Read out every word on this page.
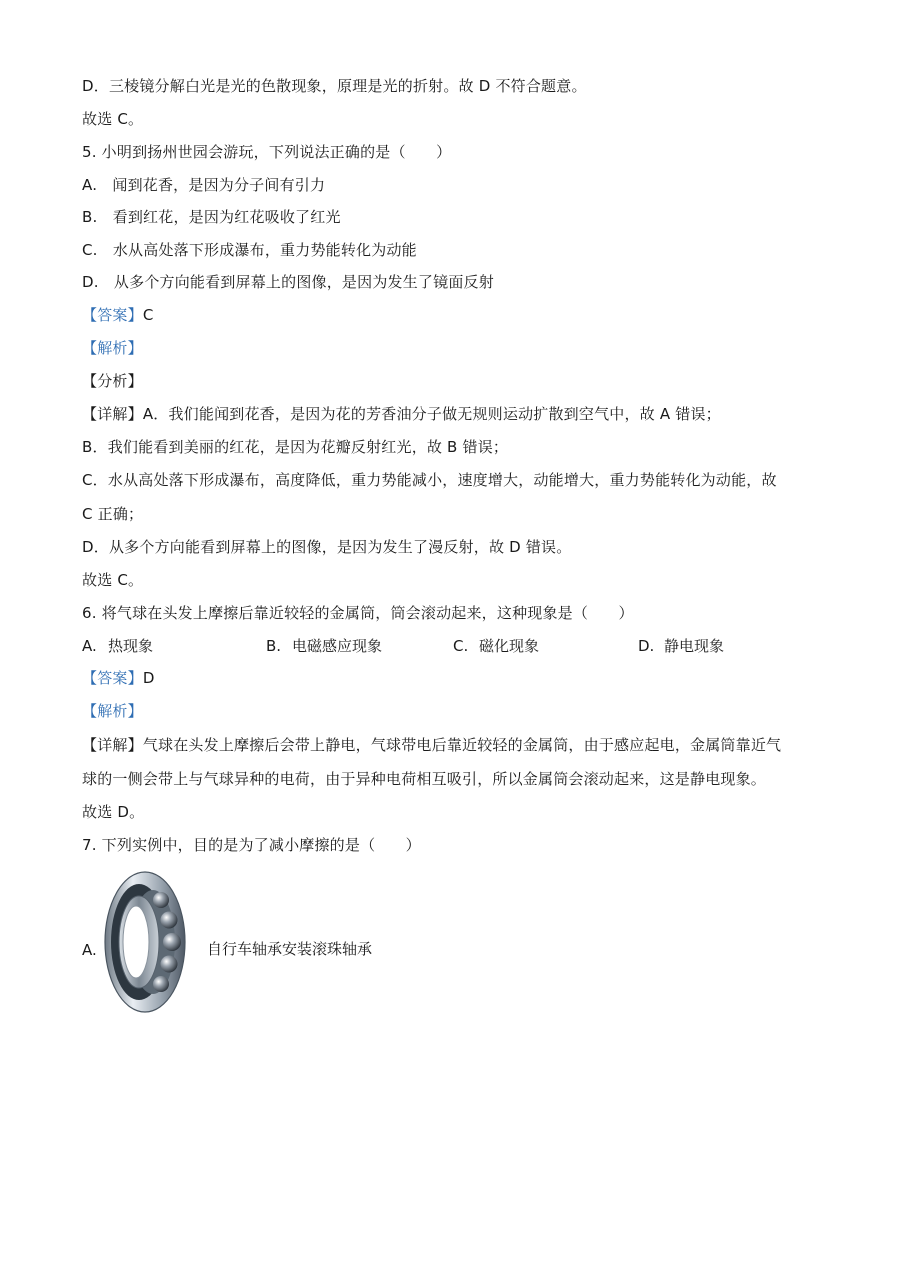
D．三棱镜分解白光是光的色散现象，原理是光的折射。故 D 不符合题意。
故选 C。
5. 小明到扬州世园会游玩，下列说法正确的是（　　）
A.　闻到花香，是因为分子间有引力
B.　看到红花，是因为红花吸收了红光
C.　水从高处落下形成瀑布，重力势能转化为动能
D.　从多个方向能看到屏幕上的图像，是因为发生了镜面反射
【答案】C
【解析】
【分析】
【详解】A．我们能闻到花香，是因为花的芳香油分子做无规则运动扩散到空气中，故 A 错误；
B．我们能看到美丽的红花，是因为花瓣反射红光，故 B 错误；
C．水从高处落下形成瀑布，高度降低，重力势能减小，速度增大，动能增大，重力势能转化为动能，故
C 正确；
D．从多个方向能看到屏幕上的图像，是因为发生了漫反射，故 D 错误。
故选 C。
6. 将气球在头发上摩擦后靠近较轻的金属筒，筒会滚动起来，这种现象是（　　）
A. 热现象	B. 电磁感应现象	C. 磁化现象	D. 静电现象
【答案】D
【解析】
【详解】气球在头发上摩擦后会带上静电，气球带电后靠近较轻的金属筒，由于感应起电，金属筒靠近气
球的一侧会带上与气球异种的电荷，由于异种电荷相互吸引，所以金属筒会滚动起来，这是静电现象。
故选 D。
7. 下列实例中，目的是为了减小摩擦的是（　　）
A.	自行车轴承安装滚珠轴承
